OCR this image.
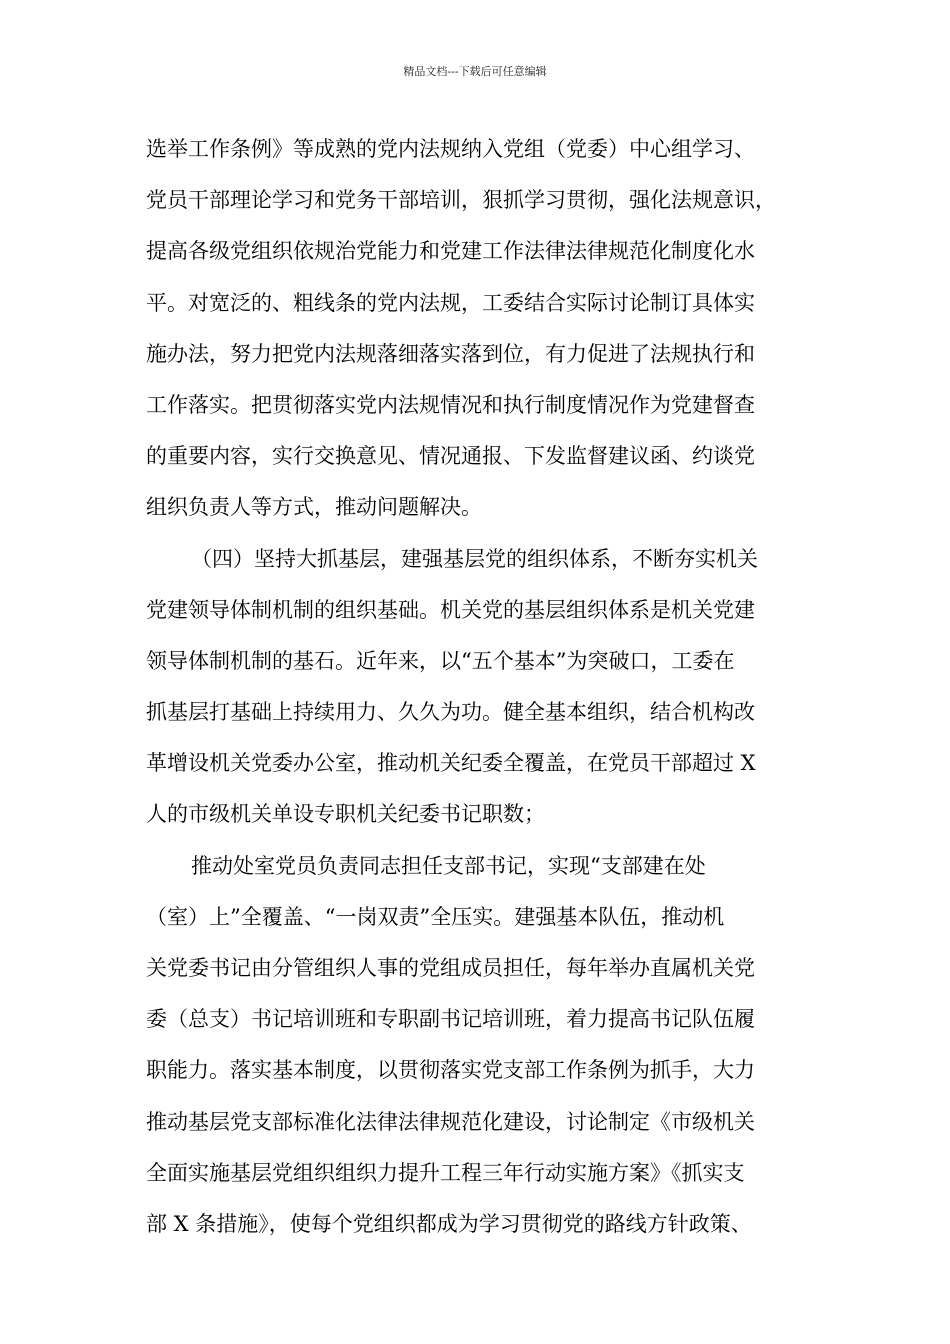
精品文档---下载后可任意编辑
选举工作条例》等成熟的党内法规纳入党组（党委）中心组学习、
党员干部理论学习和党务干部培训，狠抓学习贯彻，强化法规意识，
提高各级党组织依规治党能力和党建工作法律法律规范化制度化水
平。对宽泛的、粗线条的党内法规，工委结合实际讨论制订具体实
施办法，努力把党内法规落细落实落到位，有力促进了法规执行和
工作落实。把贯彻落实党内法规情况和执行制度情况作为党建督查
的重要内容，实行交换意见、情况通报、下发监督建议函、约谈党
组织负责人等方式，推动问题解决。
（四）坚持大抓基层，建强基层党的组织体系，不断夯实机关
党建领导体制机制的组织基础。机关党的基层组织体系是机关党建
领导体制机制的基石。近年来，以“五个基本”为突破口，工委在
抓基层打基础上持续用力、久久为功。健全基本组织，结合机构改
革增设机关党委办公室，推动机关纪委全覆盖，在党员干部超过 X
人的市级机关单设专职机关纪委书记职数；
推动处室党员负责同志担任支部书记，实现“支部建在处
（室）上”全覆盖、“一岗双责”全压实。建强基本队伍，推动机
关党委书记由分管组织人事的党组成员担任，每年举办直属机关党
委（总支）书记培训班和专职副书记培训班，着力提高书记队伍履
职能力。落实基本制度，以贯彻落实党支部工作条例为抓手，大力
推动基层党支部标准化法律法律规范化建设，讨论制定《市级机关
全面实施基层党组织组织力提升工程三年行动实施方案》《抓实支
部 X 条措施》，使每个党组织都成为学习贯彻党的路线方针政策、
